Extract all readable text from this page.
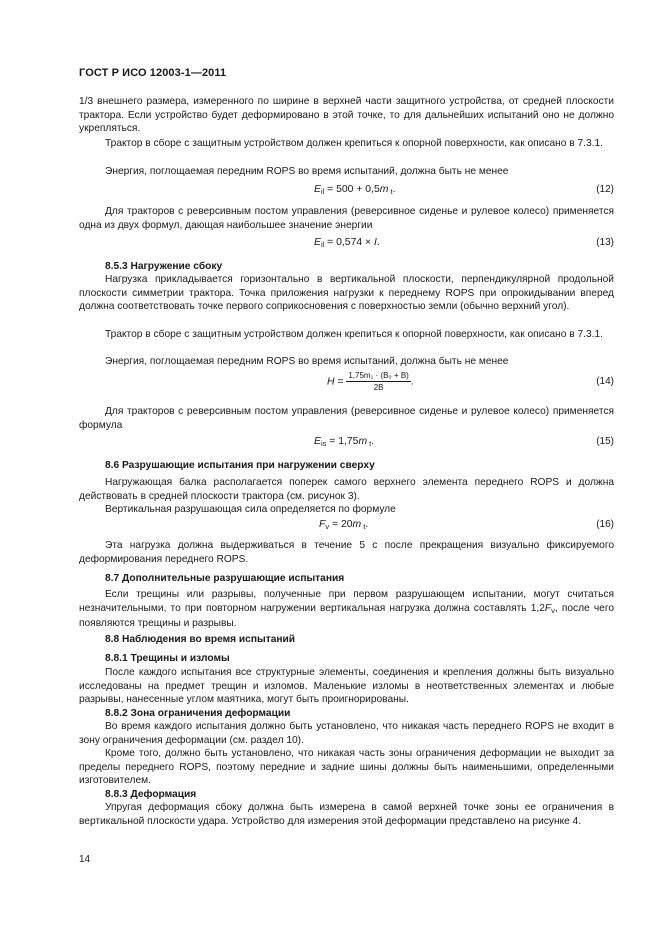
ГОСТ Р ИСО 12003-1—2011
1/3 внешнего размера, измеренного по ширине в верхней части защитного устройства, от средней плоскости трактора. Если устройство будет деформировано в этой точке, то для дальнейших испытаний оно не должно укрепляться.
Трактор в сборе с защитным устройством должен крепиться к опорной поверхности, как описано в 7.3.1.
Энергия, поглощаемая передним ROPS во время испытаний, должна быть не менее
$E_{il} = 500 + 0,5m$ $_t$.	(12)
Для тракторов с реверсивным постом управления (реверсивное сиденье и рулевое колесо) применяется одна из двух формул, дающая наибольшее значение энергии
$E_{il} = 0,574 \times I$.	(13)
8.5.3 Нагружение сбоку
Нагрузка прикладывается горизонтально в вертикальной плоскости, перпендикулярной продольной плоскости симметрии трактора. Точка приложения нагрузки к переднему ROPS при опрокидывании вперед должна соответствовать точке первого соприкосновения с поверхностью земли (обычно верхний угол).
Трактор в сборе с защитным устройством должен крепиться к опорной поверхности, как описано в 7.3.1.
Энергия, поглощаемая передним ROPS во время испытаний, должна быть не менее
$H = \frac{\text{1,75m₁ · (B₀ + B)}}{2B}$ .	(14)
Для тракторов с реверсивным постом управления (реверсивное сиденье и рулевое колесо) применяется формула
$E_{is} = 1,75m$ $_t$.	(15)
8.6 Разрушающие испытания при нагружении сверху
Нагружающая балка располагается поперек самого верхнего элемента переднего ROPS и должна действовать в средней плоскости трактора (см. рисунок 3).
Вертикальная разрушающая сила определяется по формуле
$F_v = 20m$ $_t$.	(16)
Эта нагрузка должна выдерживаться в течение 5 с после прекращения визуально фиксируемого деформирования переднего ROPS.
8.7 Дополнительные разрушающие испытания
Если трещины или разрывы, полученные при первом разрушающем испытании, могут считаться незначительными, то при повторном нагружении вертикальная нагрузка должна составлять $1,2F_v$, после чего появляются трещины и разрывы.
8.8 Наблюдения во время испытаний
8.8.1 Трещины и изломы
После каждого испытания все структурные элементы, соединения и крепления должны быть визуально исследованы на предмет трещин и изломов. Маленькие изломы в неответственных элементах и любые разрывы, нанесенные углом маятника, могут быть проигнорированы.
8.8.2 Зона ограничения деформации
Во время каждого испытания должно быть установлено, что никакая часть переднего ROPS не входит в зону ограничения деформации (см. раздел 10).
Кроме того, должно быть установлено, что никакая часть зоны ограничения деформации не выходит за пределы переднего ROPS, поэтому передние и задние шины должны быть наименьшими, определенными изготовителем.
8.8.3 Деформация
Упругая деформация сбоку должна быть измерена в самой верхней точке зоны ее ограничения в вертикальной плоскости удара. Устройство для измерения этой деформации представлено на рисунке 4.
14
